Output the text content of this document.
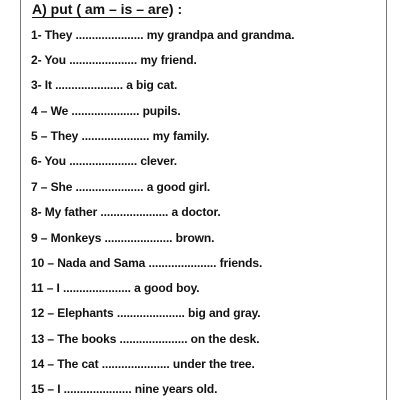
A) put ( am – is – are) :
1- They ..................... my grandpa and grandma.
2- You ..................... my friend.
3- It ..................... a big cat.
4 – We ..................... pupils.
5 – They ..................... my family.
6- You ..................... clever.
7 – She ..................... a good girl.
8- My father ..................... a doctor.
9 – Monkeys ..................... brown.
10 – Nada and Sama ..................... friends.
11 – I ..................... a good boy.
12 – Elephants ..................... big and gray.
13 – The books ..................... on the desk.
14 – The cat ..................... under the tree.
15 – I ..................... nine years old.
